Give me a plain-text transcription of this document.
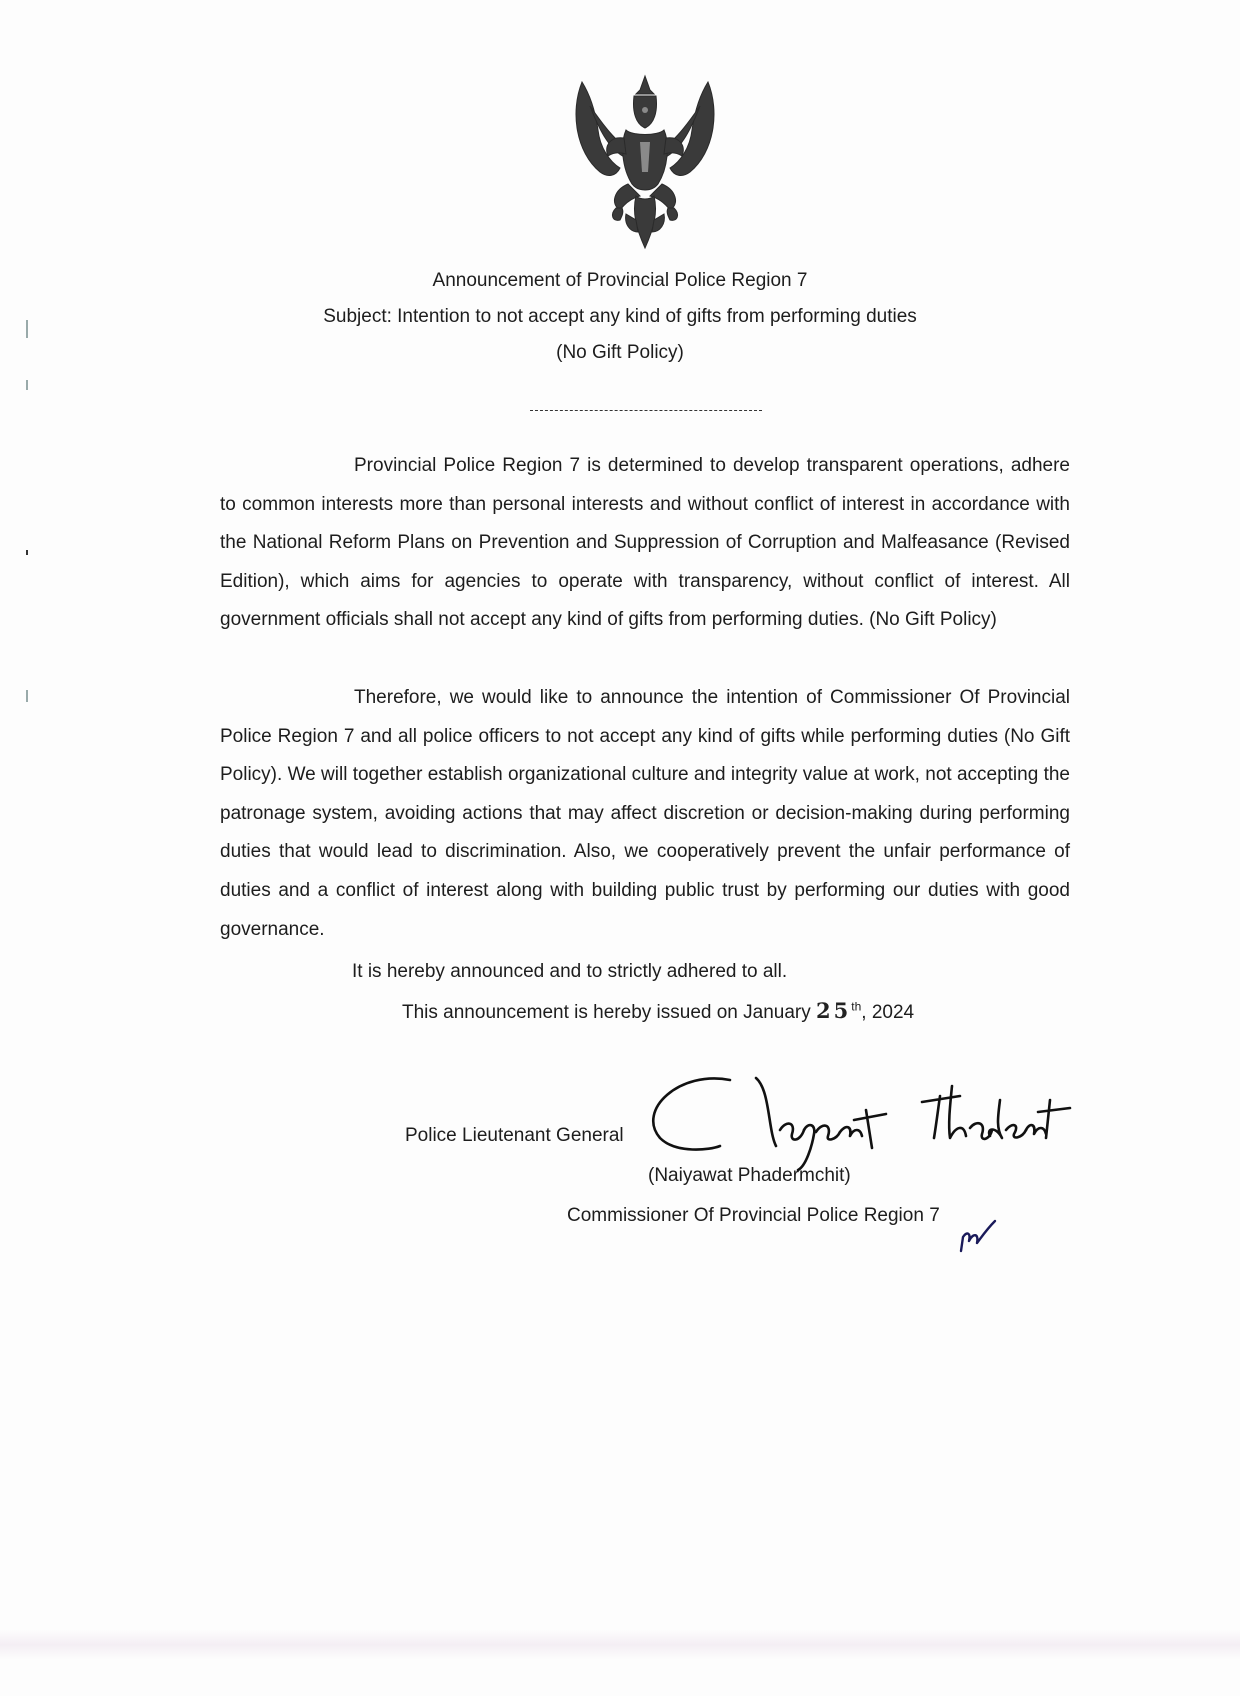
Announcement of Provincial Police Region 7
Subject: Intention to not accept any kind of gifts from performing duties
(No Gift Policy)

Provincial Police Region 7 is determined to develop transparent operations, adhere to common interests more than personal interests and without conflict of interest in accordance with the National Reform Plans on Prevention and Suppression of Corruption and Malfeasance (Revised Edition), which aims for agencies to operate with transparency, without conflict of interest. All government officials shall not accept any kind of gifts from performing duties. (No Gift Policy)

Therefore, we would like to announce the intention of Commissioner Of Provincial Police Region 7 and all police officers to not accept any kind of gifts while performing duties (No Gift Policy). We will together establish organizational culture and integrity value at work, not accepting the patronage system, avoiding actions that may affect discretion or decision-making during performing duties that would lead to discrimination. Also, we cooperatively prevent the unfair performance of duties and a conflict of interest along with building public trust by performing our duties with good governance.

It is hereby announced and to strictly adhered to all.
This announcement is hereby issued on January 25th, 2024
Police Lieutenant General
(Naiyawat Phadermchit)
Commissioner Of Provincial Police Region 7
